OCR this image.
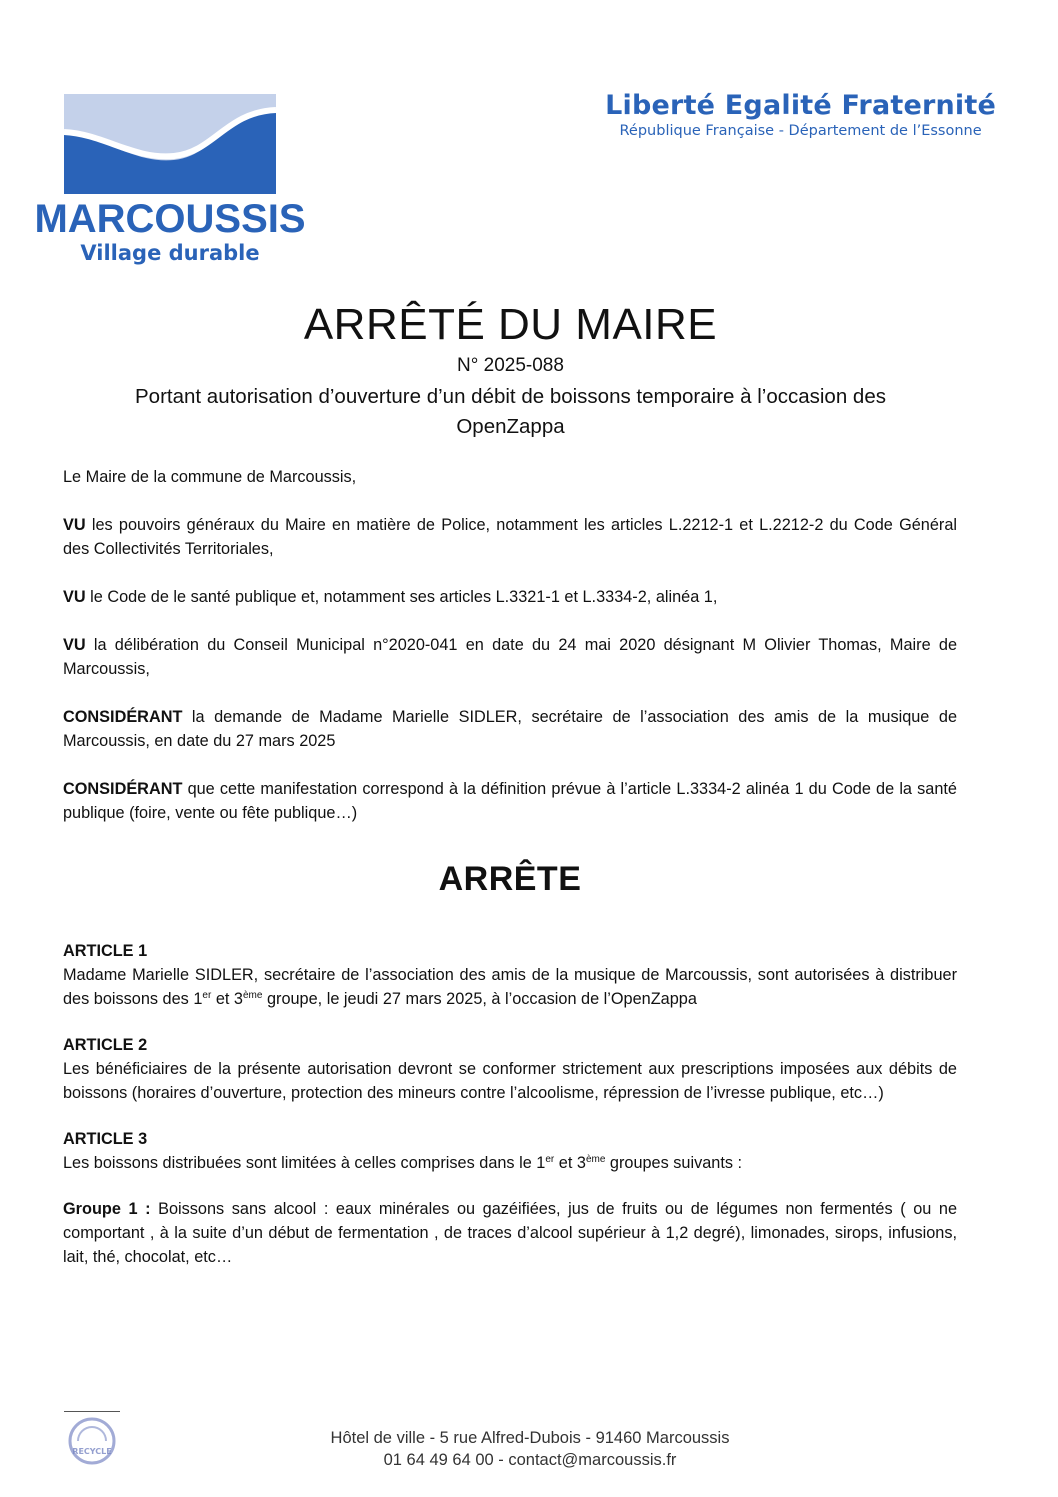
MARCOUSSIS
Village durable
Liberté Egalité Fraternité
République Française - Département de l’Essonne
ARRÊTÉ DU MAIRE
N° 2025-088
Portant autorisation d’ouverture d’un débit de boissons temporaire à l’occasion des
OpenZappa

Le Maire de la commune de Marcoussis,

VU les pouvoirs généraux du Maire en matière de Police, notamment les articles L.2212-1 et L.2212-2 du Code Général des Collectivités Territoriales,

VU le Code de le santé publique et, notamment ses articles L.3321-1 et L.3334-2, alinéa 1,

VU la délibération du Conseil Municipal n°2020-041 en date du 24 mai 2020 désignant M Olivier Thomas, Maire de Marcoussis,

CONSIDÉRANT la demande de Madame Marielle SIDLER, secrétaire de l’association des amis de la musique de Marcoussis, en date du 27 mars 2025

CONSIDÉRANT que cette manifestation correspond à la définition prévue à l’article L.3334-2 alinéa 1 du Code de la santé publique (foire, vente ou fête publique…)

ARRÊTE
ARTICLE 1

Madame Marielle SIDLER, secrétaire de l’association des amis de la musique de Marcoussis, sont autorisées à distribuer des boissons des 1er et 3ème groupe, le jeudi 27 mars 2025, à l’occasion de l’OpenZappa

ARTICLE 2

Les bénéficiaires de la présente autorisation devront se conformer strictement aux prescriptions imposées aux débits de boissons (horaires d’ouverture, protection des mineurs contre l’alcoolisme, répression de l’ivresse publique, etc…)

ARTICLE 3

Les boissons distribuées sont limitées à celles comprises dans le 1er et 3ème groupes suivants :

Groupe 1 : Boissons sans alcool : eaux minérales ou gazéifiées, jus de fruits ou de légumes non fermentés ( ou ne comportant , à la suite d’un début de fermentation , de traces d’alcool supérieur à 1,2 degré), limonades, sirops, infusions, lait, thé, chocolat, etc…

RECYCLE
Hôtel de ville - 5 rue Alfred-Dubois - 91460 Marcoussis
01 64 49 64 00 - contact@marcoussis.fr
